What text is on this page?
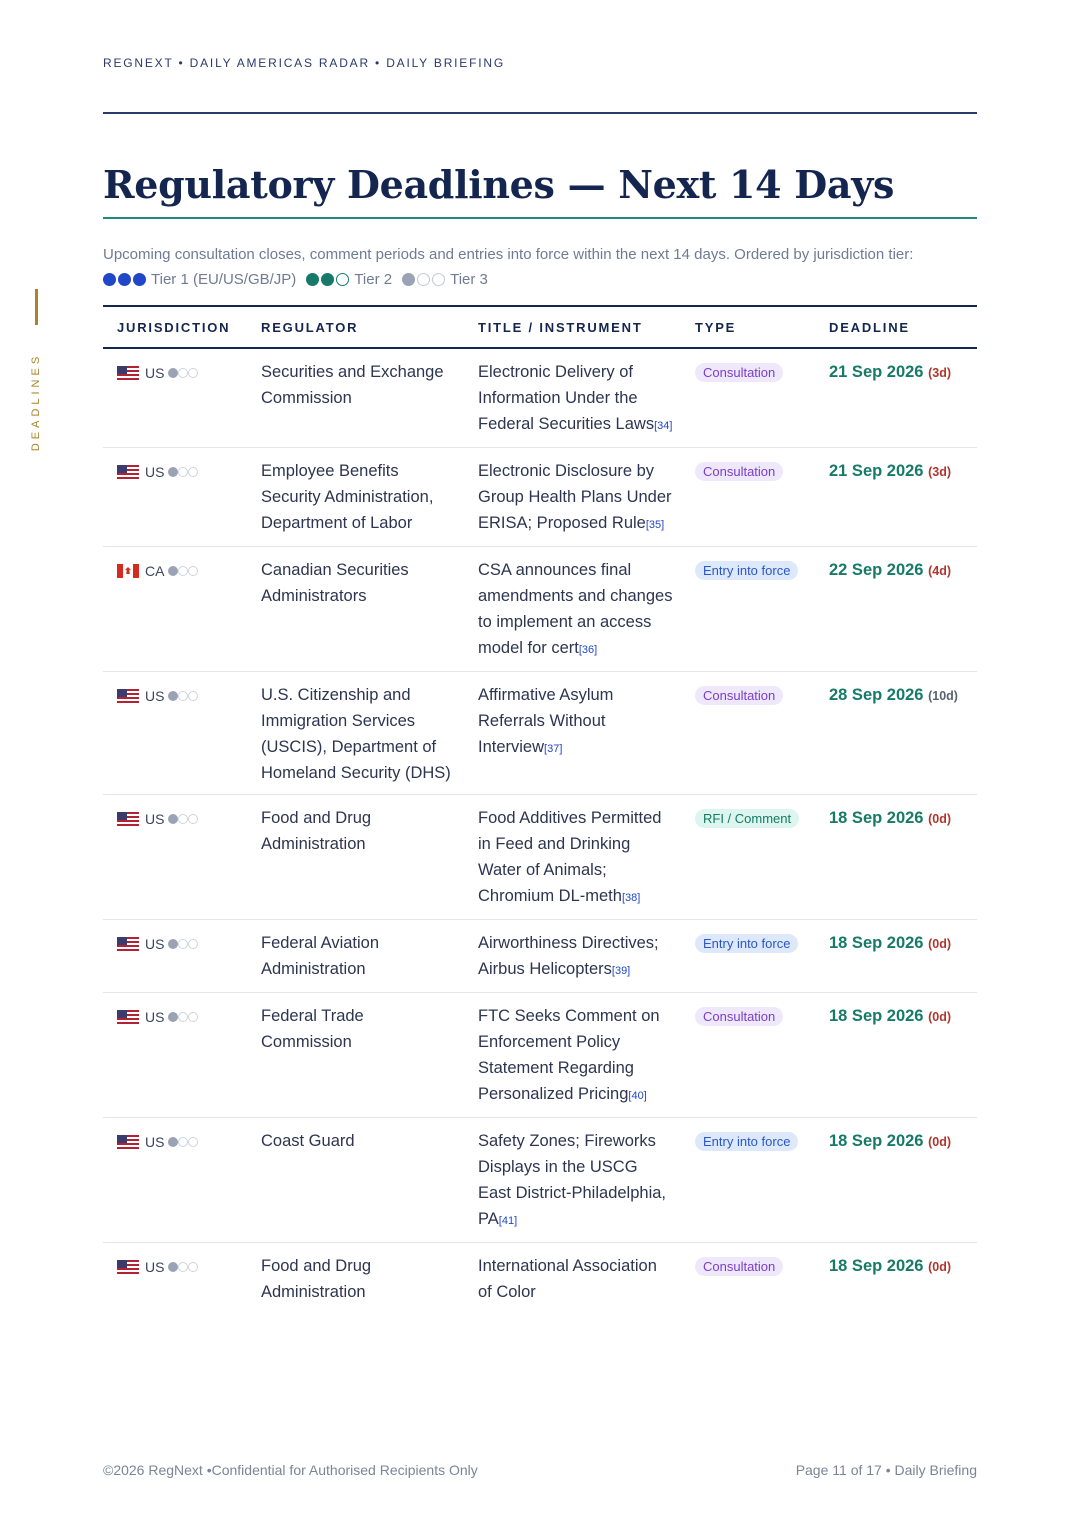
REGNEXT • DAILY AMERICAS RADAR • DAILY BRIEFING
DEADLINES
Regulatory Deadlines — Next 14 Days
Upcoming consultation closes, comment periods and entries into force within the next 14 days. Ordered by jurisdiction tier:
Tier 1 (EU/US/GB/JP)	Tier 2	Tier 3
JURISDICTION	REGULATOR	TITLE / INSTRUMENT	TYPE	DEADLINE

US	Securities and Exchange Commission	Electronic Delivery of Information Under the Federal Securities Laws[34]	Consultation	21 Sep 2026 (3d)

US	Employee Benefits Security Administration, Department of Labor	Electronic Disclosure by Group Health Plans Under ERISA; Proposed Rule[35]	Consultation	21 Sep 2026 (3d)

CA	Canadian Securities Administrators	CSA announces final amendments and changes to implement an access model for cert[36]	Entry into force	22 Sep 2026 (4d)

US	U.S. Citizenship and Immigration Services (USCIS), Department of Homeland Security (DHS)	Affirmative Asylum Referrals Without Interview[37]	Consultation	28 Sep 2026 (10d)

US	Food and Drug Administration	Food Additives Permitted in Feed and Drinking Water of Animals; Chromium DL-meth[38]	RFI / Comment	18 Sep 2026 (0d)

US	Federal Aviation Administration	Airworthiness Directives; Airbus Helicopters[39]	Entry into force	18 Sep 2026 (0d)

US	Federal Trade Commission	FTC Seeks Comment on Enforcement Policy Statement Regarding Personalized Pricing[40]	Consultation	18 Sep 2026 (0d)

US	Coast Guard	Safety Zones; Fireworks Displays in the USCG East District-Philadelphia, PA[41]	Entry into force	18 Sep 2026 (0d)

US	Food and Drug Administration	International Association of Color	Consultation	18 Sep 2026 (0d)
©2026 RegNext •Confidential for Authorised Recipients Only	Page 11 of 17 • Daily Briefing
